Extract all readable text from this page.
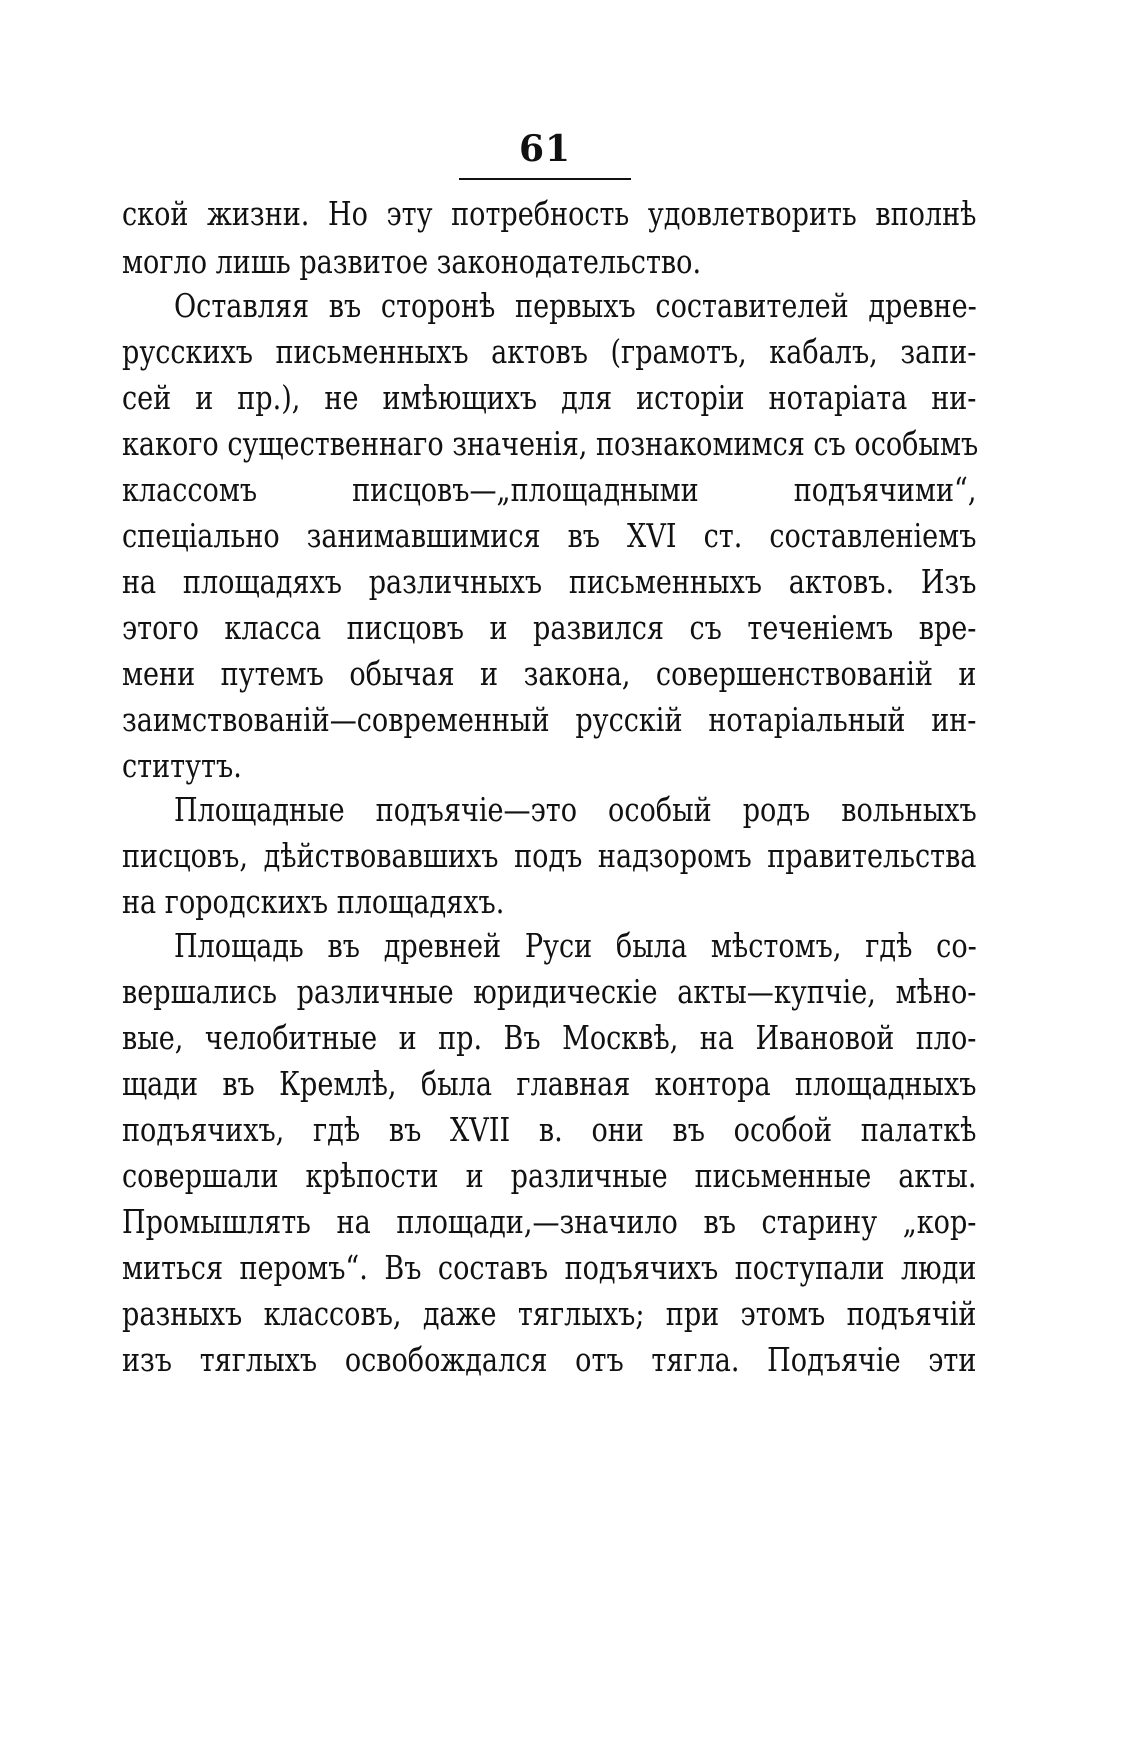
61
ской жизни. Но эту потребность удовлетворить вполнѣ
могло лишь развитое законодательство.
Оставляя въ сторонѣ первыхъ составителей древне-
русскихъ письменныхъ актовъ (грамотъ, кабалъ, запи-
сей и пр.), не имѣющихъ для исторіи нотаріата ни-
какого существеннаго значенія, познакомимся съ особымъ
классомъ писцовъ—„площадными подъячими“,
спеціально занимавшимися въ XVI ст. составленіемъ
на площадяхъ различныхъ письменныхъ актовъ. Изъ
этого класса писцовъ и развился съ теченіемъ вре-
мени путемъ обычая и закона, совершенствованій и
заимствованій—современный русскій нотаріальный ин-
ститутъ.
Площадные подъячіе—это особый родъ вольныхъ
писцовъ, дѣйствовавшихъ подъ надзоромъ правительства
на городскихъ площадяхъ.
Площадь въ древней Руси была мѣстомъ, гдѣ со-
вершались различные юридическіе акты—купчіе, мѣно-
вые, челобитные и пр. Въ Москвѣ, на Ивановой пло-
щади въ Кремлѣ, была главная контора площадныхъ
подъячихъ, гдѣ въ XVII в. они въ особой палаткѣ
совершали крѣпости и различные письменные акты.
Промышлять на площади,—значило въ старину „кор-
миться перомъ“. Въ составъ подъячихъ поступали люди
разныхъ классовъ, даже тяглыхъ; при этомъ подъячій
изъ тяглыхъ освобождался отъ тягла. Подъячіе эти
